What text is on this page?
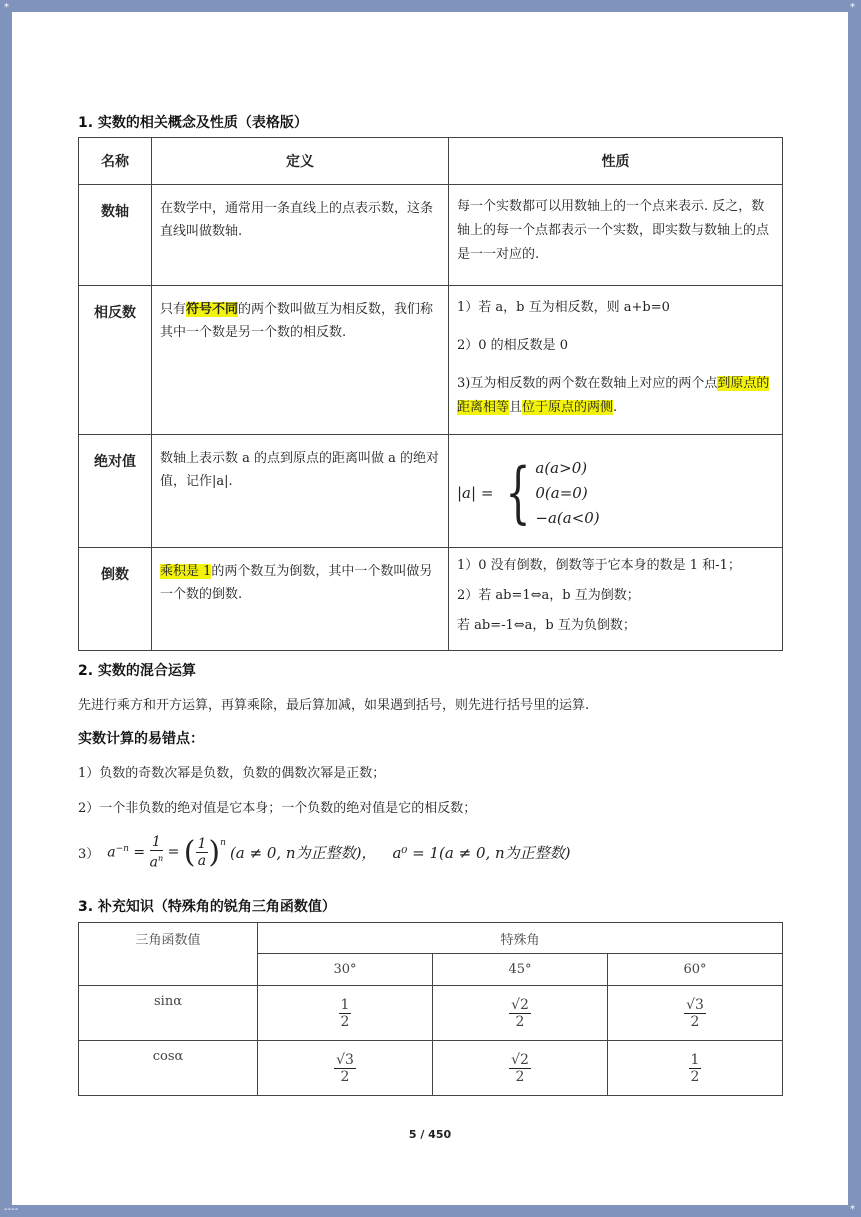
*	*
1. 实数的相关概念及性质（表格版）
名称	定义	性质
数轴	在数学中，通常用一条直线上的点表示数，这条直线叫做数轴.	每一个实数都可以用数轴上的一个点来表示. 反之，数轴上的每一个点都表示一个实数，即实数与数轴上的点是一一对应的.
相反数	只有符号不同的两个数叫做互为相反数，我们称其中一个数是另一个数的相反数.	1）若 a，b 互为相反数，则 a+b=0

2）0 的相反数是 0

3)互为相反数的两个数在数轴上对应的两个点到原点的距离相等且位于原点的两侧.

绝对值	数轴上表示数 a 的点到原点的距离叫做 a 的绝对值，记作|a|.	|a| = { a(a>0)
0(a=0)
−a(a<0)

倒数	乘积是 1的两个数互为倒数，其中一个数叫做另一个数的倒数.	1）0 没有倒数，倒数等于它本身的数是 1 和-1；

2）若 ab=1⇔a，b 互为倒数；

若 ab=-1⇔a，b 互为负倒数；

2. 实数的混合运算
先进行乘方和开方运算，再算乘除，最后算加减，如果遇到括号，则先进行括号里的运算.
实数计算的易错点：
1）负数的奇数次幂是负数，负数的偶数次幂是正数；
2）一个非负数的绝对值是它本身；一个负数的绝对值是它的相反数；
3） $a^{-n} = \frac{1}{a^n}$ = ( $\frac{1}{a} )^n$
(a ≠ 0, n为正整数)， a⁰ = 1(a ≠ 0, n为正整数)
3. 补充知识（特殊角的锐角三角函数值）
三角函数值	特殊角		
	30°	45°	60°
sinα	$\frac{1}{2}$	$\frac{√2}{2}$	$\frac{√3}{2}$

cosα	$\frac{√3}{2}$	$\frac{√2}{2}$	$\frac{1}{2}$
5 / 450
----	*
